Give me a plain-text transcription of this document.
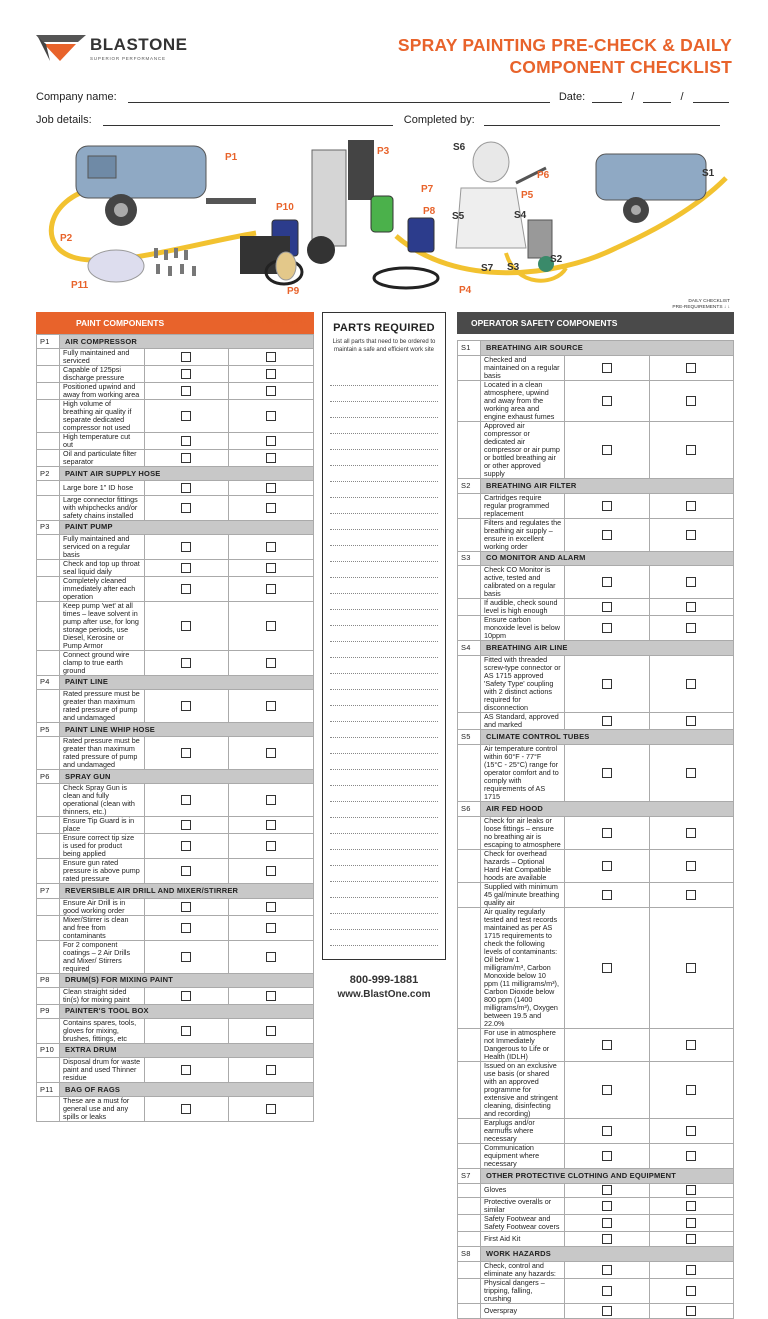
BLASTONE
SUPERIOR PERFORMANCE
SPRAY PAINTING PRE-CHECK & DAILY
COMPONENT CHECKLIST
Company name:	Date:	/	/
Job details:	Completed by:
P1
P2
P3
P4
P5
P6
P7
P8
P9
P10
P11
S1
S2
S3
S4
S5
S6
S7
PAINT COMPONENTS
DAILY CHECKLIST
PRE-REQUIREMENTS ↓ ↓
P1	AIR COMPRESSOR		
	Fully maintained and serviced		
	Capable of 125psi discharge pressure		
	Positioned upwind and away from working area		
	High volume of breathing air quality if separate dedicated compressor not used		
	High temperature cut out		
	Oil and particulate filter separator		
P2	PAINT AIR SUPPLY HOSE		
	Large bore 1" ID hose		
	Large connector fittings with whipchecks and/or safety chains installed		
P3	PAINT PUMP		
	Fully maintained and serviced on a regular basis		
	Check and top up throat seal liquid daily		
	Completely cleaned immediately after each operation		
	Keep pump 'wet' at all times – leave solvent in pump after use, for long storage periods, use Diesel, Kerosine or Pump Armor		
	Connect ground wire clamp to true earth ground		
P4	PAINT LINE		
	Rated pressure must be greater than maximum rated pressure of pump and undamaged		
P5	PAINT LINE WHIP HOSE		
	Rated pressure must be greater than maximum rated pressure of pump and undamaged		
P6	SPRAY GUN		
	Check Spray Gun is clean and fully operational (clean with thinners, etc.)		
	Ensure Tip Guard is in place		
	Ensure correct tip size is used for product being applied		
	Ensure gun rated pressure is above pump rated pressure		
P7	REVERSIBLE AIR DRILL AND MIXER/STIRRER		
	Ensure Air Drill is in good working order		
	Mixer/Stirrer is clean and free from contaminants		
	For 2 component coatings – 2 Air Drills and Mixer/ Stirrers required		
P8	DRUM(S) FOR MIXING PAINT		
	Clean straight sided tin(s) for mixing paint		
P9	PAINTER'S TOOL BOX		
	Contains spares, tools, gloves for mixing, brushes, fittings, etc		
P10	EXTRA DRUM		
	Disposal drum for waste paint and used Thinner residue		
P11	BAG OF RAGS		
	These are a must for general use and any spills or leaks		
PARTS REQUIRED

List all parts that need to be ordered to maintain a safe and efficient work site

800-999-1881
www.BlastOne.com
DAILY CHECKLIST
PRE-REQUIREMENTS ↓ ↓
OPERATOR SAFETY COMPONENTS
S1	BREATHING AIR SOURCE		
	Checked and maintained on a regular basis		
	Located in a clean atmosphere, upwind and away from the working area and engine exhaust fumes		
	Approved air compressor or dedicated air compressor or air pump or bottled breathing air or other approved supply		
S2	BREATHING AIR FILTER		
	Cartridges require regular programmed replacement		
	Filters and regulates the breathing air supply – ensure in excellent working order		
S3	CO MONITOR AND ALARM		
	Check CO Monitor is active, tested and calibrated on a regular basis		
	If audible, check sound level is high enough		
	Ensure carbon monoxide level is below 10ppm		
S4	BREATHING AIR LINE		
	Fitted with threaded screw-type connector or AS 1715 approved 'Safety Type' coupling with 2 distinct actions required for disconnection		
	AS Standard, approved and marked		
S5	CLIMATE CONTROL TUBES		
	Air temperature control within 60°F - 77°F (15°C - 25°C) range for operator comfort and to comply with requirements of AS 1715		
S6	AIR FED HOOD		
	Check for air leaks or loose fittings – ensure no breathing air is escaping to atmosphere		
	Check for overhead hazards – Optional Hard Hat Compatible hoods are available		
	Supplied with minimum 45 gal/minute breathing quality air		
	Air quality regularly tested and test records maintained as per AS 1715 requirements to check the following levels of contaminants: Oil below 1 milligram/m³, Carbon Monoxide below 10 ppm (11 milligrams/m³), Carbon Dioxide below 800 ppm (1400 milligrams/m³), Oxygen between 19.5 and 22.0%		
	For use in atmosphere not Immediately Dangerous to Life or Health (IDLH)		
	Issued on an exclusive use basis (or shared with an approved programme for extensive and stringent cleaning, disinfecting and recording)		
	Earplugs and/or earmuffs where necessary		
	Communication equipment where necessary		
S7	OTHER PROTECTIVE CLOTHING AND EQUIPMENT		
	Gloves		
	Protective overalls or similar		
	Safety Footwear and Safety Footwear covers		
	First Aid Kit		
S8	WORK HAZARDS		
	Check, control and eliminate any hazards:		
	Physical dangers – tripping, falling, crushing		
	Overspray		
